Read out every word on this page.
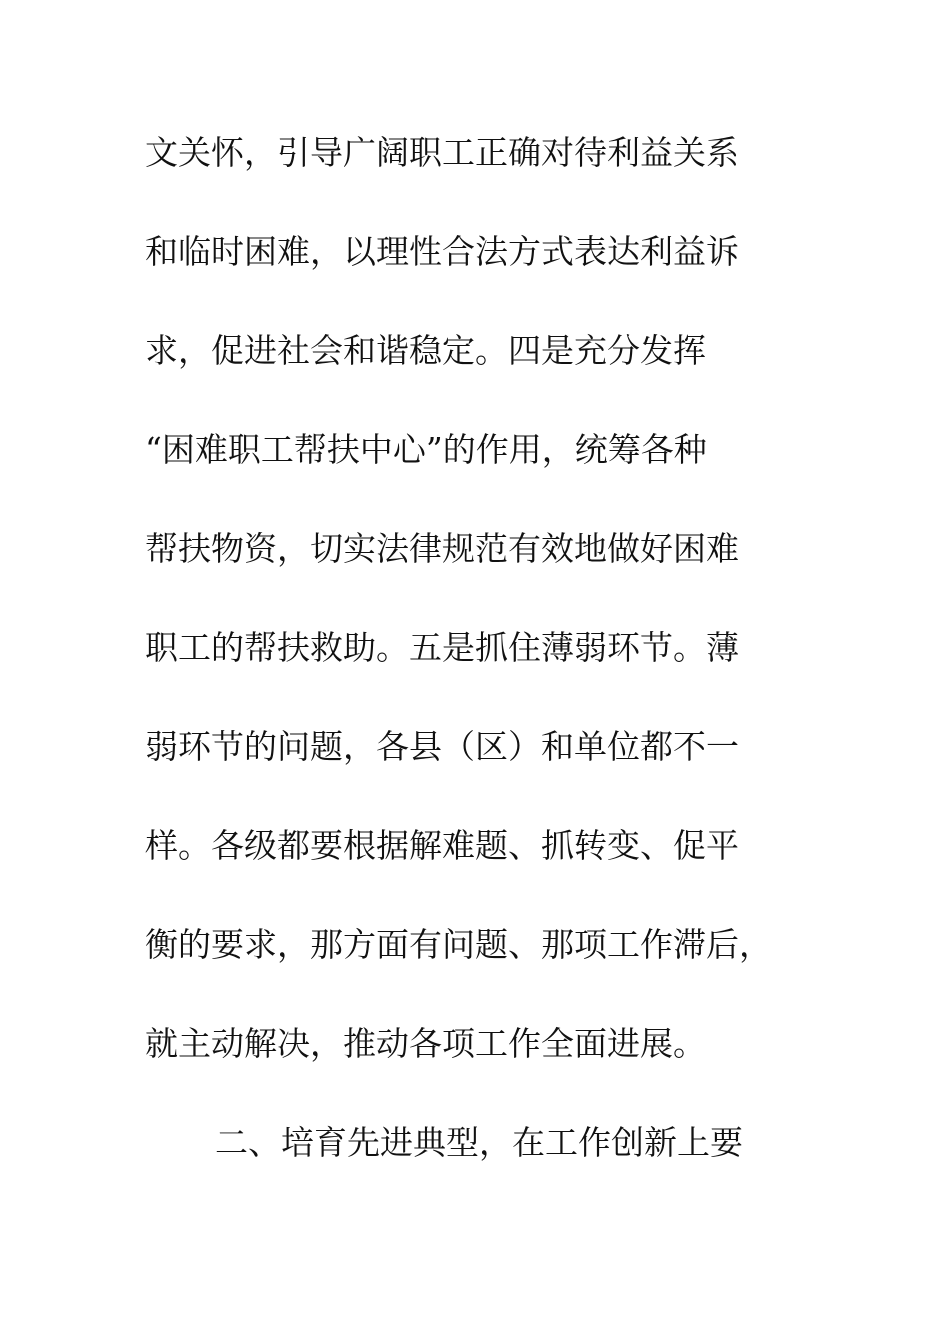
文关怀，引导广阔职工正确对待利益关系
和临时困难，以理性合法方式表达利益诉
求，促进社会和谐稳定。四是充分发挥
“困难职工帮扶中心”的作用，统筹各种
帮扶物资，切实法律规范有效地做好困难
职工的帮扶救助。五是抓住薄弱环节。薄
弱环节的问题，各县（区）和单位都不一
样。各级都要根据解难题、抓转变、促平
衡的要求，那方面有问题、那项工作滞后，
就主动解决，推动各项工作全面进展。
二、培育先进典型，在工作创新上要
